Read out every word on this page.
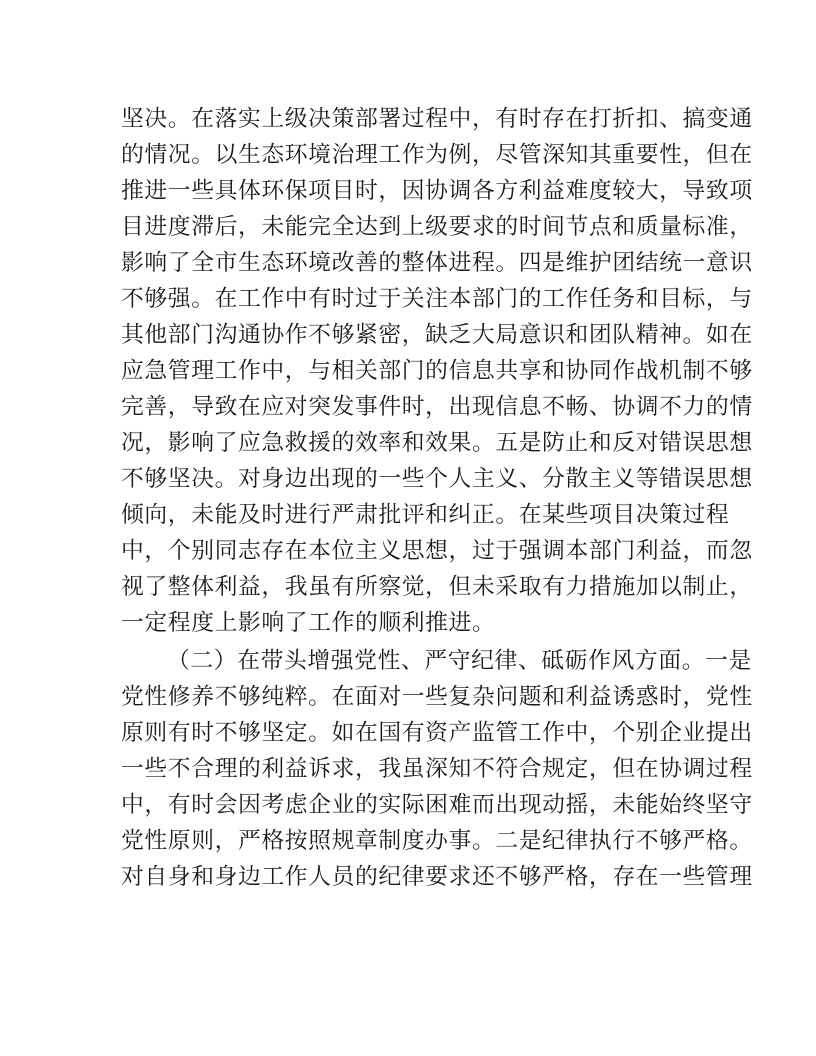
坚决。在落实上级决策部署过程中，有时存在打折扣、搞变通
的情况。以生态环境治理工作为例，尽管深知其重要性，但在
推进一些具体环保项目时，因协调各方利益难度较大，导致项
目进度滞后，未能完全达到上级要求的时间节点和质量标准，
影响了全市生态环境改善的整体进程。四是维护团结统一意识
不够强。在工作中有时过于关注本部门的工作任务和目标，与
其他部门沟通协作不够紧密，缺乏大局意识和团队精神。如在
应急管理工作中，与相关部门的信息共享和协同作战机制不够
完善，导致在应对突发事件时，出现信息不畅、协调不力的情
况，影响了应急救援的效率和效果。五是防止和反对错误思想
不够坚决。对身边出现的一些个人主义、分散主义等错误思想
倾向，未能及时进行严肃批评和纠正。在某些项目决策过程
中，个别同志存在本位主义思想，过于强调本部门利益，而忽
视了整体利益，我虽有所察觉，但未采取有力措施加以制止，
一定程度上影响了工作的顺利推进。
（二）在带头增强党性、严守纪律、砥砺作风方面。一是
党性修养不够纯粹。在面对一些复杂问题和利益诱惑时，党性
原则有时不够坚定。如在国有资产监管工作中，个别企业提出
一些不合理的利益诉求，我虽深知不符合规定，但在协调过程
中，有时会因考虑企业的实际困难而出现动摇，未能始终坚守
党性原则，严格按照规章制度办事。二是纪律执行不够严格。
对自身和身边工作人员的纪律要求还不够严格，存在一些管理
